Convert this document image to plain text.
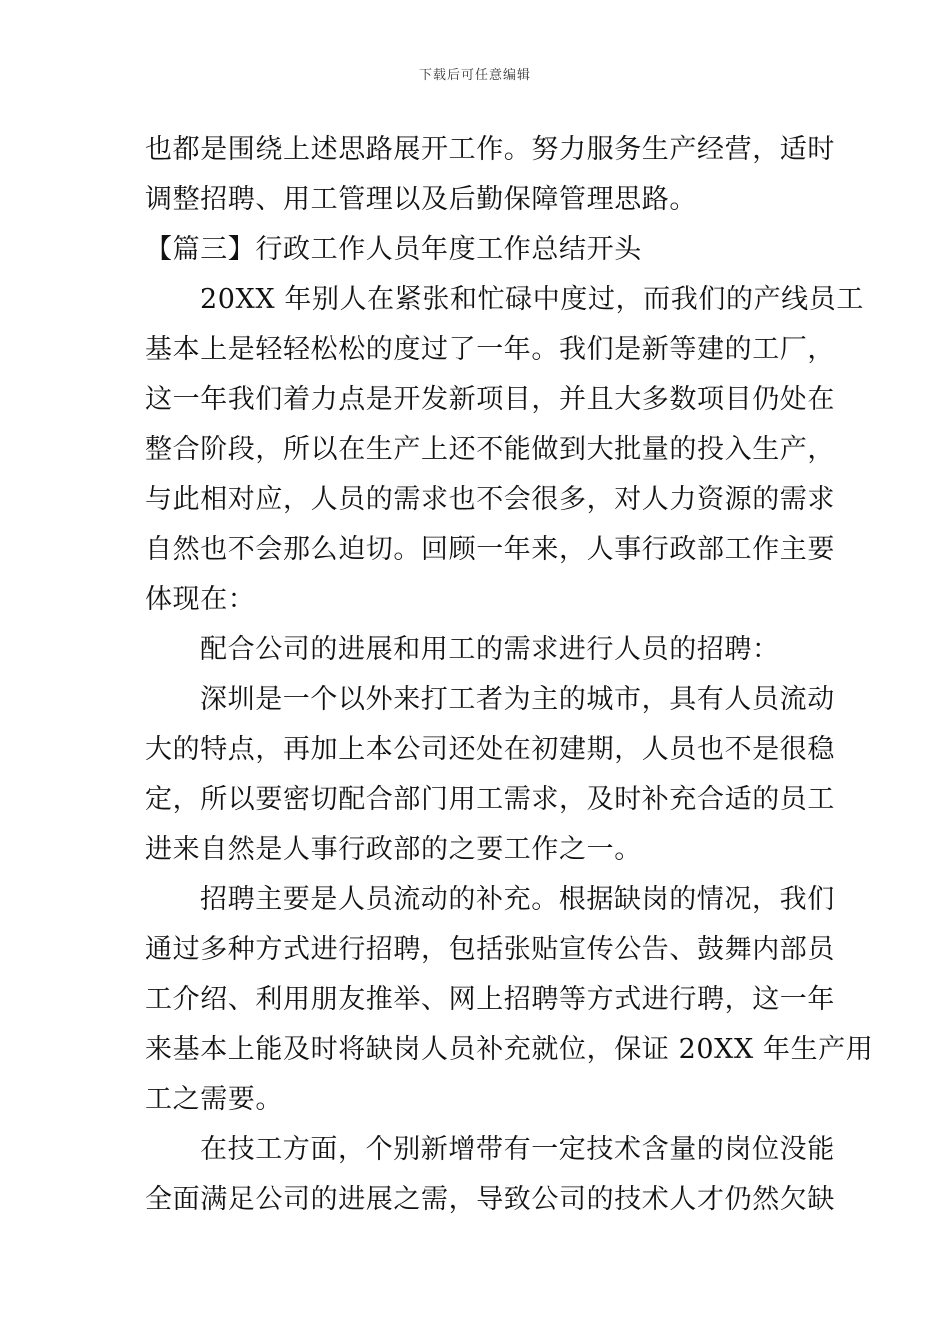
下载后可任意编辑
也都是围绕上述思路展开工作。努力服务生产经营，适时
调整招聘、用工管理以及后勤保障管理思路。
【篇三】行政工作人员年度工作总结开头
20XX 年别人在紧张和忙碌中度过，而我们的产线员工
基本上是轻轻松松的度过了一年。我们是新等建的工厂，
这一年我们着力点是开发新项目，并且大多数项目仍处在
整合阶段，所以在生产上还不能做到大批量的投入生产，
与此相对应，人员的需求也不会很多，对人力资源的需求
自然也不会那么迫切。回顾一年来，人事行政部工作主要
体现在：
配合公司的进展和用工的需求进行人员的招聘：
深圳是一个以外来打工者为主的城市，具有人员流动
大的特点，再加上本公司还处在初建期，人员也不是很稳
定，所以要密切配合部门用工需求，及时补充合适的员工
进来自然是人事行政部的之要工作之一。
招聘主要是人员流动的补充。根据缺岗的情况，我们
通过多种方式进行招聘，包括张贴宣传公告、鼓舞内部员
工介绍、利用朋友推举、网上招聘等方式进行聘，这一年
来基本上能及时将缺岗人员补充就位，保证 20XX 年生产用
工之需要。
在技工方面，个别新增带有一定技术含量的岗位没能
全面满足公司的进展之需，导致公司的技术人才仍然欠缺
